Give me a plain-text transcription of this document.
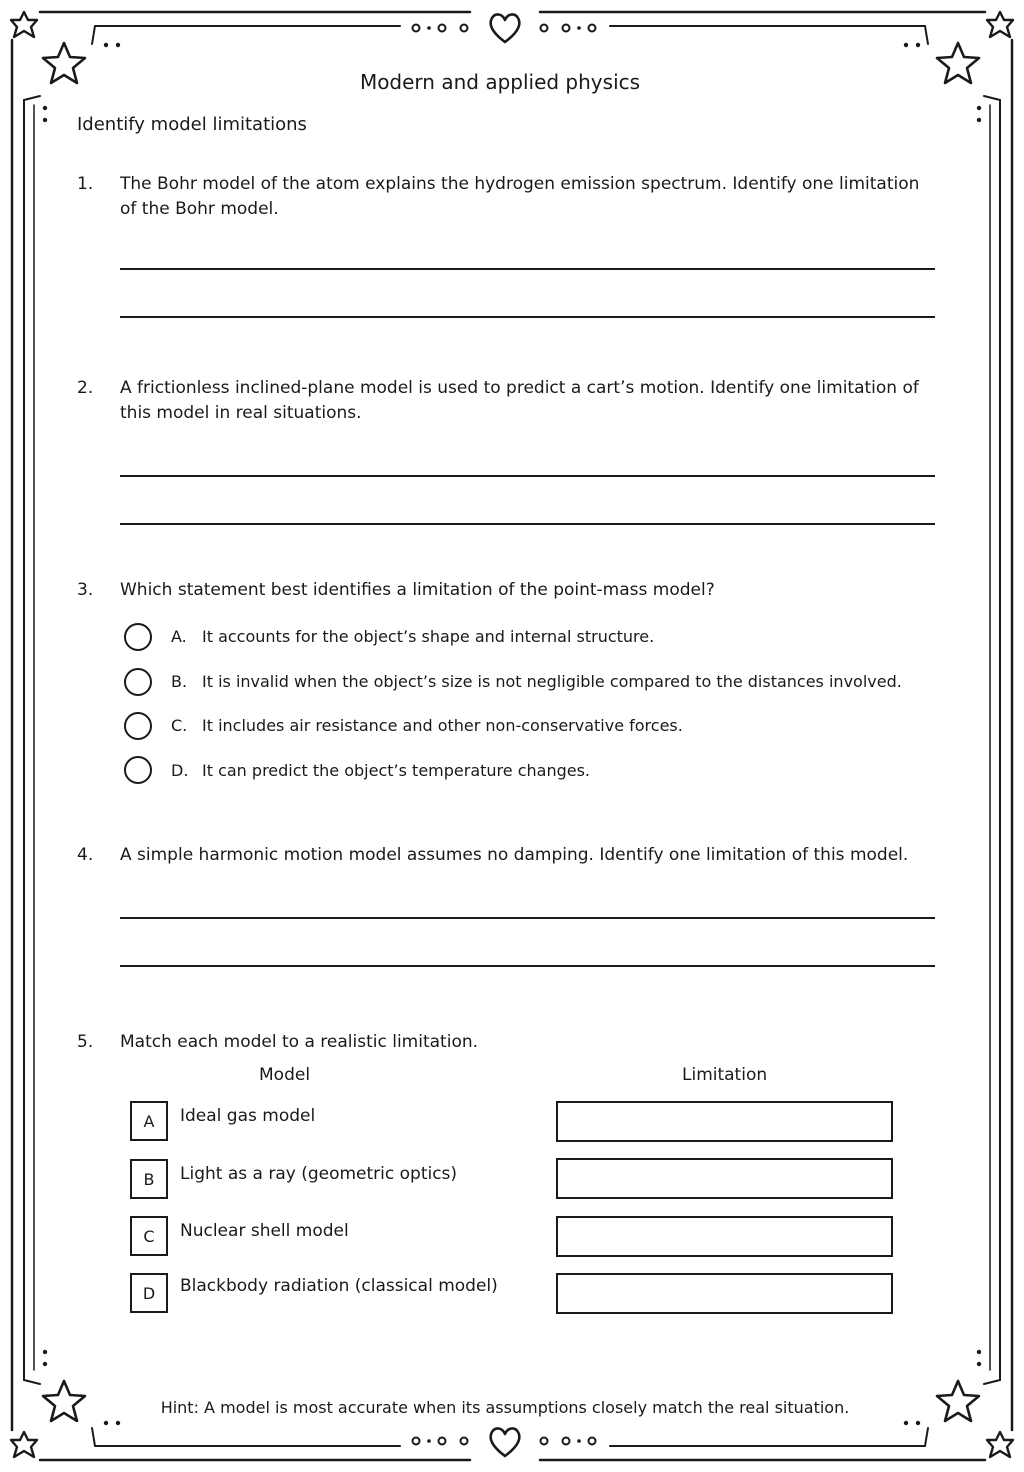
Modern and applied physics
Identify model limitations
1. The Bohr model of the atom explains the hydrogen emission spectrum. Identify one limitation of the Bohr model.
2. A frictionless inclined-plane model is used to predict a cart’s motion. Identify one limitation of this model in real situations.
3. Which statement best identifies a limitation of the point-mass model?
A. It accounts for the object’s shape and internal structure.
B. It is invalid when the object’s size is not negligible compared to the distances involved.
C. It includes air resistance and other non-conservative forces.
D. It can predict the object’s temperature changes.
4. A simple harmonic motion model assumes no damping. Identify one limitation of this model.
5. Match each model to a realistic limitation.
Model	Limitation
A	Ideal gas model
B	Light as a ray (geometric optics)
C	Nuclear shell model
D	Blackbody radiation (classical model)
Hint: A model is most accurate when its assumptions closely match the real situation.
